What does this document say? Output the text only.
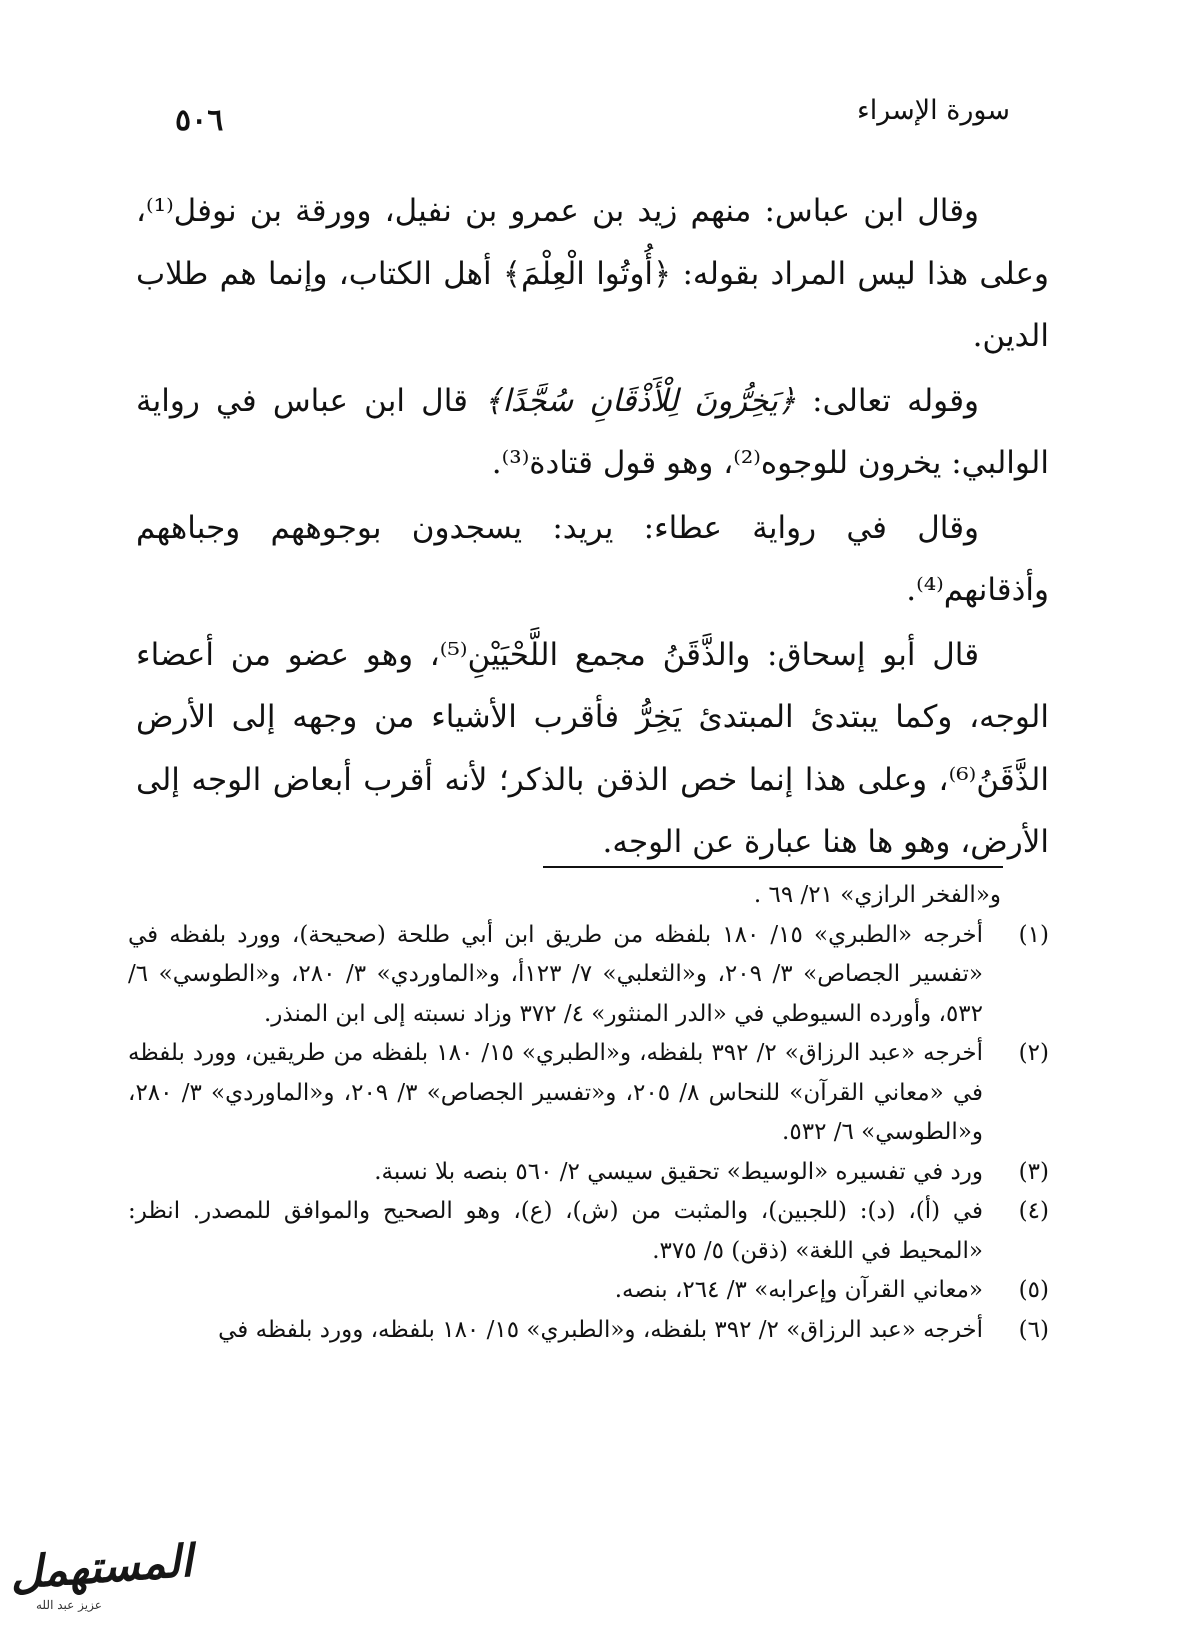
سورة الإسراء
٥٠٦

وقال ابن عباس: منهم زيد بن عمرو بن نفيل، وورقة بن نوفل⁽¹⁾، وعلى هذا ليس المراد بقوله: ﴿أُوتُوا الْعِلْمَ﴾ أهل الكتاب، وإنما هم طلاب الدين.

وقوله تعالى: ﴿يَخِرُّونَ لِلْأَذْقَانِ سُجَّدًا﴾ قال ابن عباس في رواية الوالبي: يخرون للوجوه⁽²⁾، وهو قول قتادة⁽³⁾.

وقال في رواية عطاء: يريد: يسجدون بوجوههم وجباههم وأذقانهم⁽⁴⁾.

قال أبو إسحاق: والذَّقَنُ مجمع اللَّحْيَيْنِ⁽⁵⁾، وهو عضو من أعضاء الوجه، وكما يبتدئ المبتدئ يَخِرُّ فأقرب الأشياء من وجهه إلى الأرض الذَّقَنُ⁽⁶⁾، وعلى هذا إنما خص الذقن بالذكر؛ لأنه أقرب أبعاض الوجه إلى الأرض، وهو ها هنا عبارة عن الوجه.

و«الفخر الرازي» ٢١/ ٦٩ .

(١)
أخرجه «الطبري» ١٥/ ١٨٠ بلفظه من طريق ابن أبي طلحة (صحيحة)، وورد بلفظه في «تفسير الجصاص» ٣/ ٢٠٩، و«الثعلبي» ٧/ ١٢٣أ، و«الماوردي» ٣/ ٢٨٠، و«الطوسي» ٦/ ٥٣٢، وأورده السيوطي في «الدر المنثور» ٤/ ٣٧٢ وزاد نسبته إلى ابن المنذر.

(٢)
أخرجه «عبد الرزاق» ٢/ ٣٩٢ بلفظه، و«الطبري» ١٥/ ١٨٠ بلفظه من طريقين، وورد بلفظه في «معاني القرآن» للنحاس ٨/ ٢٠٥، و«تفسير الجصاص» ٣/ ٢٠٩، و«الماوردي» ٣/ ٢٨٠، و«الطوسي» ٦/ ٥٣٢.

(٣)
ورد في تفسيره «الوسيط» تحقيق سيسي ٢/ ٥٦٠ بنصه بلا نسبة.

(٤)
في (أ)، (د): (للجبين)، والمثبت من (ش)، (ع)، وهو الصحيح والموافق للمصدر. انظر: «المحيط في اللغة» (ذقن) ٥/ ٣٧٥.

(٥)
«معاني القرآن وإعرابه» ٣/ ٢٦٤، بنصه.

(٦)
أخرجه «عبد الرزاق» ٢/ ٣٩٢ بلفظه، و«الطبري» ١٥/ ١٨٠ بلفظه، وورد بلفظه في

المستهمل
عزيز عبد الله
